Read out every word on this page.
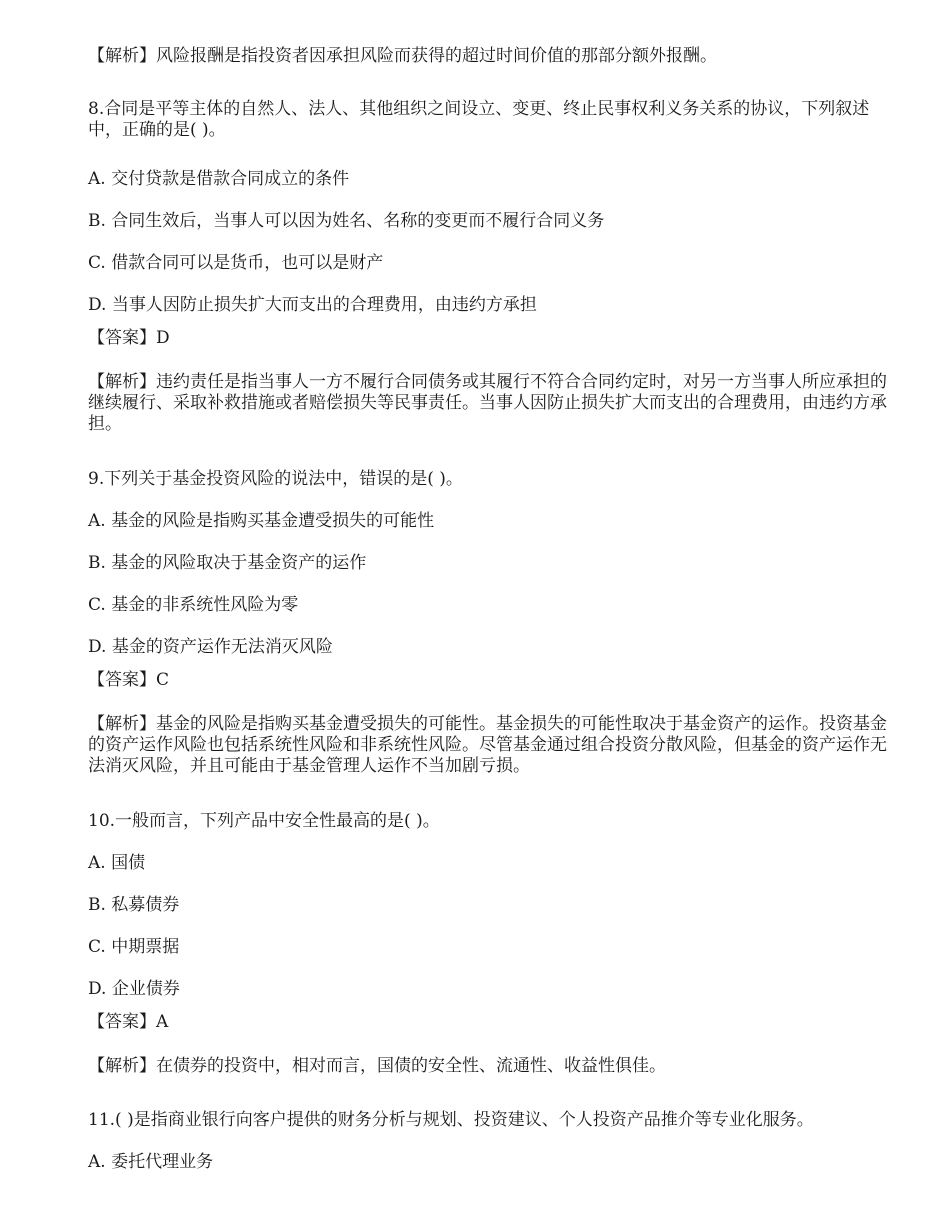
【解析】风险报酬是指投资者因承担风险而获得的超过时间价值的那部分额外报酬。
8.合同是平等主体的自然人、法人、其他组织之间设立、变更、终止民事权利义务关系的协议，下列叙述中，正确的是( )。
A. 交付贷款是借款合同成立的条件
B. 合同生效后，当事人可以因为姓名、名称的变更而不履行合同义务
C. 借款合同可以是货币，也可以是财产
D. 当事人因防止损失扩大而支出的合理费用，由违约方承担
【答案】D
【解析】违约责任是指当事人一方不履行合同债务或其履行不符合合同约定时，对另一方当事人所应承担的继续履行、采取补救措施或者赔偿损失等民事责任。当事人因防止损失扩大而支出的合理费用，由违约方承担。
9.下列关于基金投资风险的说法中，错误的是( )。
A. 基金的风险是指购买基金遭受损失的可能性
B. 基金的风险取决于基金资产的运作
C. 基金的非系统性风险为零
D. 基金的资产运作无法消灭风险
【答案】C
【解析】基金的风险是指购买基金遭受损失的可能性。基金损失的可能性取决于基金资产的运作。投资基金的资产运作风险也包括系统性风险和非系统性风险。尽管基金通过组合投资分散风险，但基金的资产运作无法消灭风险，并且可能由于基金管理人运作不当加剧亏损。
10.一般而言，下列产品中安全性最高的是( )。
A. 国债
B. 私募债券
C. 中期票据
D. 企业债券
【答案】A
【解析】在债券的投资中，相对而言，国债的安全性、流通性、收益性俱佳。
11.( )是指商业银行向客户提供的财务分析与规划、投资建议、个人投资产品推介等专业化服务。
A. 委托代理业务
